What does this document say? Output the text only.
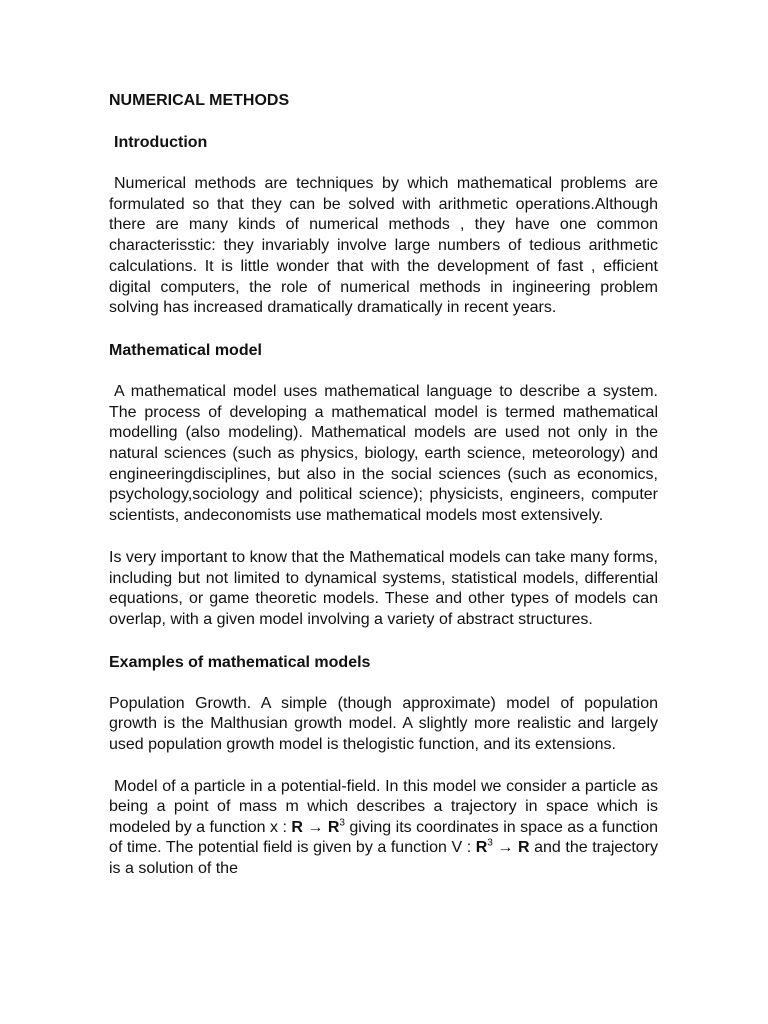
NUMERICAL METHODS
Introduction

Numerical methods are techniques by which mathematical problems are formulated so that they can be solved with arithmetic operations.Although there are many kinds of numerical methods , they have one common characterisstic: they invariably involve large numbers of tedious arithmetic calculations. It is little wonder that with the development of fast , efficient digital computers, the role of numerical methods in ingineering problem solving has increased dramatically dramatically in recent years.

Mathematical model

A mathematical model uses mathematical language to describe a system. The process of developing a mathematical model is termed mathematical modelling (also modeling). Mathematical models are used not only in the natural sciences (such as physics, biology, earth science, meteorology) and engineeringdisciplines, but also in the social sciences (such as economics, psychology,sociology and political science); physicists, engineers, computer scientists, andeconomists use mathematical models most extensively.

Is very important to know that the Mathematical models can take many forms, including but not limited to dynamical systems, statistical models, differential equations, or game theoretic models. These and other types of models can overlap, with a given model involving a variety of abstract structures.

Examples of mathematical models

Population Growth. A simple (though approximate) model of population growth is the Malthusian growth model. A slightly more realistic and largely used population growth model is thelogistic function, and its extensions.

Model of a particle in a potential-field. In this model we consider a particle as being a point of mass m which describes a trajectory in space which is modeled by a function x : $R \to R^3$ giving its coordinates in space as a function of time. The potential field is given by a function V : $R^3 \to R$ and the trajectory is a solution of the
